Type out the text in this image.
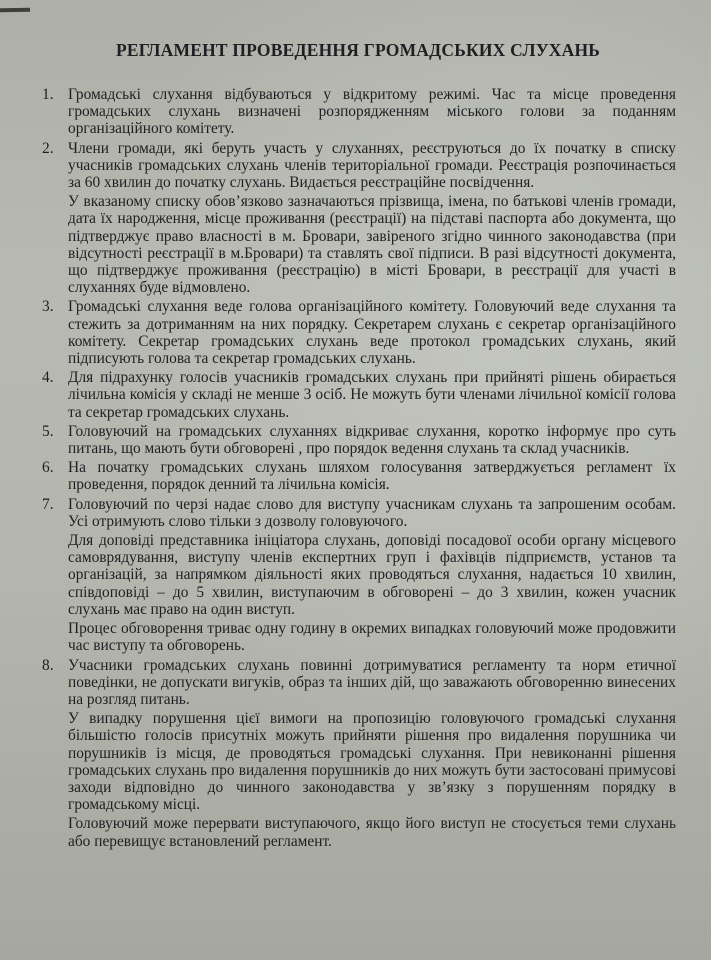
РЕГЛАМЕНТ ПРОВЕДЕННЯ ГРОМАДСЬКИХ СЛУХАНЬ
1. Громадські слухання відбуваються у відкритому режимі. Час та місце проведення громадських слухань визначені розпорядженням міського голови за поданням організаційного комітету.

2. Члени громади, які беруть участь у слуханнях, реєструються до їх початку в списку учасників громадських слухань членів територіальної громади. Реєстрація розпочинається за 60 хвилин до початку слухань. Видається реєстраційне посвідчення.

У вказаному списку обов’язково зазначаються прізвища, імена, по батькові членів громади, дата їх народження, місце проживання (реєстрації) на підставі паспорта або документа, що підтверджує право власності в м. Бровари, завіреного згідно чинного законодавства (при відсутності реєстрації в м.Бровари) та ставлять свої підписи. В разі відсутності документа, що підтверджує проживання (реєстрацію) в місті Бровари, в реєстрації для участі в слуханнях буде відмовлено.

3. Громадські слухання веде голова організаційного комітету. Головуючий веде слухання та стежить за дотриманням на них порядку. Секретарем слухань є секретар організаційного комітету. Секретар громадських слухань веде протокол громадських слухань, який підписують голова та секретар громадських слухань.

4. Для підрахунку голосів учасників громадських слухань при прийняті рішень обирається лічильна комісія у складі не менше 3 осіб. Не можуть бути членами лічильної комісії голова та секретар громадських слухань.

5. Головуючий на громадських слуханнях відкриває слухання, коротко інформує про суть питань, що мають бути обговорені , про порядок ведення слухань та склад учасників.

6. На початку громадських слухань шляхом голосування затверджується регламент їх проведення, порядок денний та лічильна комісія.

7. Головуючий по черзі надає слово для виступу учасникам слухань та запрошеним особам. Усі отримують слово тільки з дозволу головуючого.

Для доповіді представника ініціатора слухань, доповіді посадової особи органу місцевого самоврядування, виступу членів експертних груп і фахівців підприємств, установ та організацій, за напрямком діяльності яких проводяться слухання, надається 10 хвилин, співдоповіді – до 5 хвилин, виступаючим в обговорені – до 3 хвилин, кожен учасник слухань має право на один виступ.

Процес обговорення триває одну годину в окремих випадках головуючий може продовжити час виступу та обговорень.

8. Учасники громадських слухань повинні дотримуватися регламенту та норм етичної поведінки, не допускати вигуків, образ та інших дій, що заважають обговоренню винесених на розгляд питань.

У випадку порушення цієї вимоги на пропозицію головуючого громадські слухання більшістю голосів присутніх можуть прийняти рішення про видалення порушника чи порушників із місця, де проводяться громадські слухання. При невиконанні рішення громадських слухань про видалення порушників до них можуть бути застосовані примусові заходи відповідно до чинного законодавства у зв’язку з порушенням порядку в громадському місці.

Головуючий може перервати виступаючого, якщо його виступ не стосується теми слухань або перевищує встановлений регламент.
